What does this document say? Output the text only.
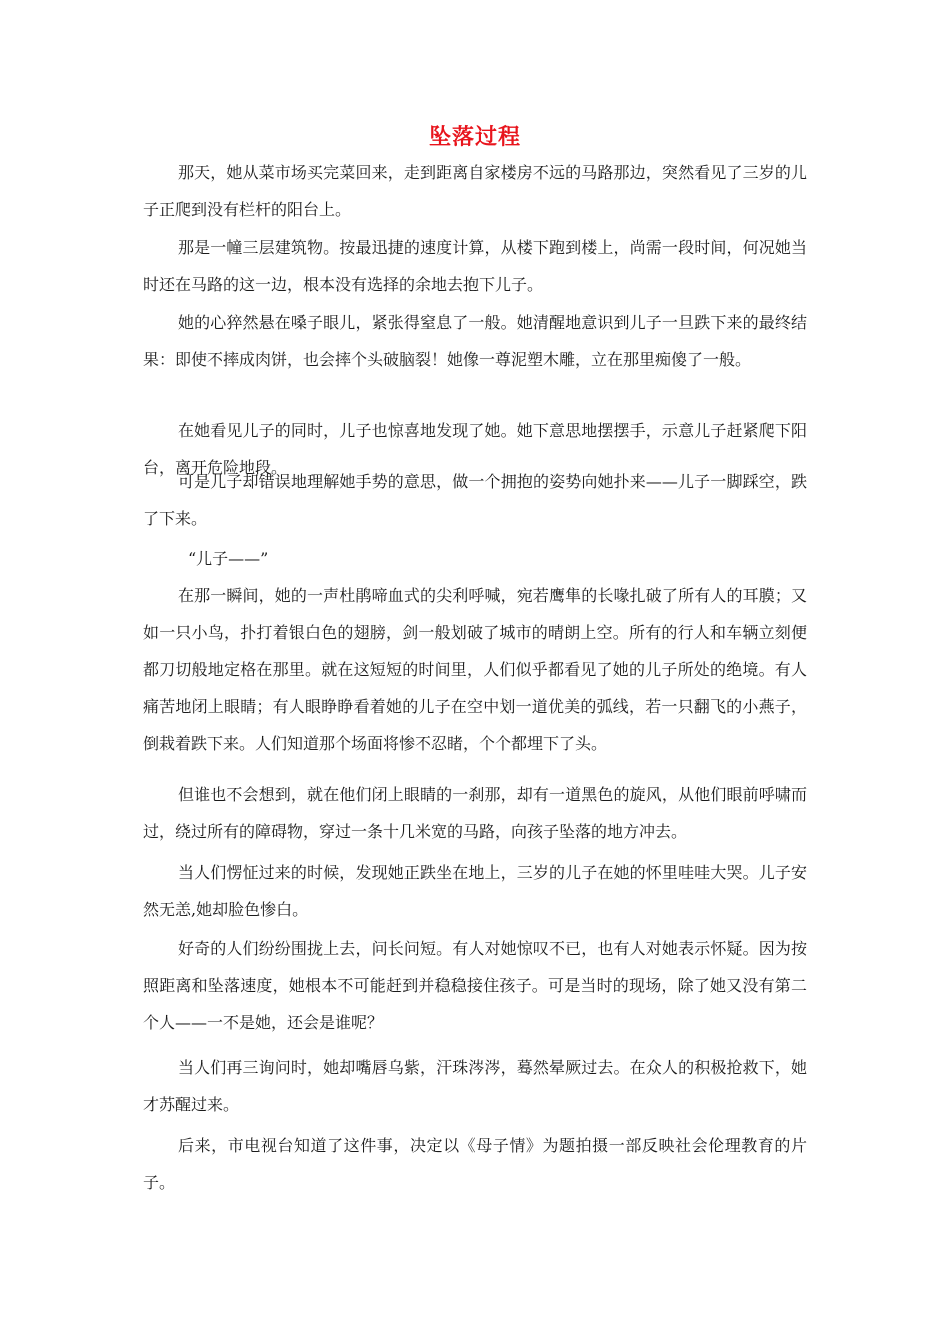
坠落过程

那天，她从菜市场买完菜回来，走到距离自家楼房不远的马路那边，突然看见了三岁的儿子正爬到没有栏杆的阳台上。

那是一幢三层建筑物。按最迅捷的速度计算，从楼下跑到楼上，尚需一段时间，何况她当时还在马路的这一边，根本没有选择的余地去抱下儿子。

她的心猝然悬在嗓子眼儿，紧张得窒息了一般。她清醒地意识到儿子一旦跌下来的最终结果：即使不摔成肉饼，也会摔个头破脑裂！她像一尊泥塑木雕，立在那里痴傻了一般。

在她看见儿子的同时，儿子也惊喜地发现了她。她下意思地摆摆手，示意儿子赶紧爬下阳台，离开危险地段。

可是儿子却错误地理解她手势的意思，做一个拥抱的姿势向她扑来——儿子一脚踩空，跌了下来。

“儿子——”

在那一瞬间，她的一声杜鹃啼血式的尖利呼喊，宛若鹰隼的长喙扎破了所有人的耳膜；又如一只小鸟，扑打着银白色的翅膀，剑一般划破了城市的晴朗上空。所有的行人和车辆立刻便都刀切般地定格在那里。就在这短短的时间里，人们似乎都看见了她的儿子所处的绝境。有人痛苦地闭上眼睛；有人眼睁睁看着她的儿子在空中划一道优美的弧线，若一只翻飞的小燕子，倒栽着跌下来。人们知道那个场面将惨不忍睹，个个都埋下了头。

但谁也不会想到，就在他们闭上眼睛的一刹那，却有一道黑色的旋风，从他们眼前呼啸而过，绕过所有的障碍物，穿过一条十几米宽的马路，向孩子坠落的地方冲去。

当人们愣怔过来的时候，发现她正跌坐在地上，三岁的儿子在她的怀里哇哇大哭。儿子安然无恙,她却脸色惨白。

好奇的人们纷纷围拢上去，问长问短。有人对她惊叹不已，也有人对她表示怀疑。因为按照距离和坠落速度，她根本不可能赶到并稳稳接住孩子。可是当时的现场，除了她又没有第二个人——一不是她，还会是谁呢？

当人们再三询问时，她却嘴唇乌紫，汗珠涔涔，蓦然晕厥过去。在众人的积极抢救下，她才苏醒过来。

后来，市电视台知道了这件事，决定以《母子情》为题拍摄一部反映社会伦理教育的片子。
